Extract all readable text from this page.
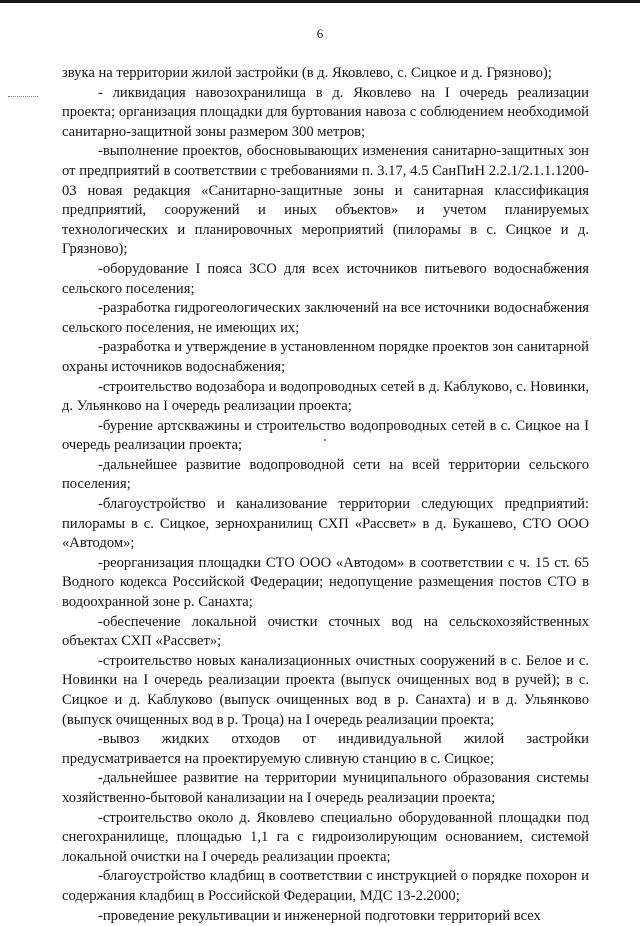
6

звука на территории жилой застройки (в д. Яковлево, с. Сицкое и д. Грязново);

- ликвидация навозохранилища в д. Яковлево на I очередь реализации проекта; организация площадки для буртования навоза с соблюдением необходимой санитарно-защитной зоны размером 300 метров;

-выполнение проектов, обосновывающих изменения санитарно-защитных зон от предприятий в соответствии с требованиями п. 3.17, 4.5 СанПиН 2.2.1/2.1.1.1200-03 новая редакция «Санитарно-защитные зоны и санитарная классификация предприятий, сооружений и иных объектов» и учетом планируемых технологических и планировочных мероприятий (пилорамы в с. Сицкое и д. Грязново);

-оборудование I пояса ЗСО для всех источников питьевого водоснабжения сельского поселения;

-разработка гидрогеологических заключений на все источники водоснабжения сельского поселения, не имеющих их;

-разработка и утверждение в установленном порядке проектов зон санитарной охраны источников водоснабжения;

-строительство водозабора и водопроводных сетей в д. Каблуково, с. Новинки, д. Ульянково на I очередь реализации проекта;

-бурение артскважины и строительство водопроводных сетей в с. Сицкое на I очередь реализации проекта;

-дальнейшее развитие водопроводной сети на всей территории сельского поселения;

-благоустройство и канализование территории следующих предприятий: пилорамы в с. Сицкое, зернохранилищ СХП «Рассвет» в д. Букашево, СТО ООО «Автодом»;

-реорганизация площадки СТО ООО «Автодом» в соответствии с ч. 15 ст. 65 Водного кодекса Российской Федерации; недопущение размещения постов СТО в водоохранной зоне р. Санахта;

-обеспечение локальной очистки сточных вод на сельскохозяйственных объектах СХП «Рассвет»;

-строительство новых канализационных очистных сооружений в с. Белое и с. Новинки на I очередь реализации проекта (выпуск очищенных вод в ручей); в с. Сицкое и д. Каблуково (выпуск очищенных вод в р. Санахта) и в д. Ульянково (выпуск очищенных вод в р. Троца) на I очередь реализации проекта;

-вывоз жидких отходов от индивидуальной жилой застройки предусматривается на проектируемую сливную станцию в с. Сицкое;

-дальнейшее развитие на территории муниципального образования системы хозяйственно-бытовой канализации на I очередь реализации проекта;

-строительство около д. Яковлево специально оборудованной площадки под снегохранилище, площадью 1,1 га с гидроизолирующим основанием, системой локальной очистки на I очередь реализации проекта;

-благоустройство кладбищ в соответствии с инструкцией о порядке похорон и содержания кладбищ в Российской Федерации, МДС 13-2.2000;

-проведение рекультивации и инженерной подготовки территорий всех
